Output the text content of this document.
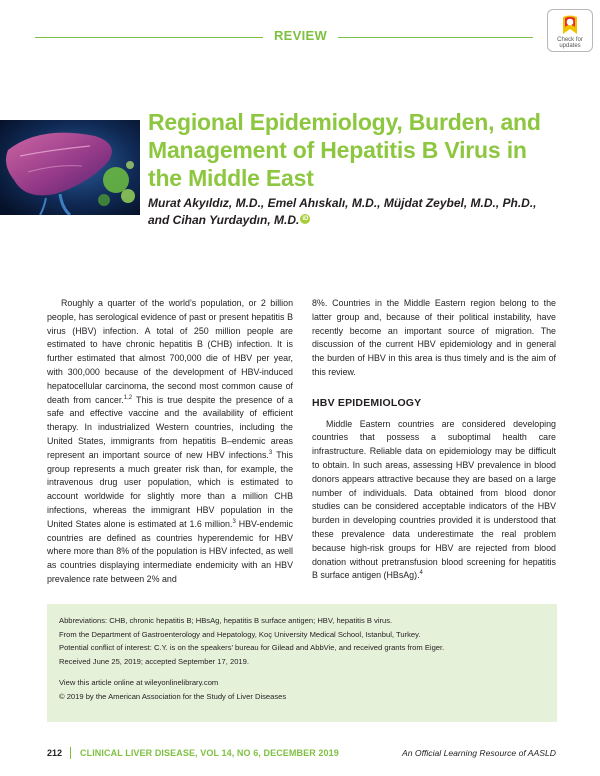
REVIEW	Check for
updates
Regional Epidemiology, Burden, and Management of Hepatitis B Virus in the Middle East
Murat Akyıldız, M.D., Emel Ahıskalı, M.D., Müjdat Zeybel, M.D., Ph.D., and Cihan Yurdaydın, M.D. iD

Roughly a quarter of the world’s population, or 2 billion people, has serological evidence of past or present hepatitis B virus (HBV) infection. A total of 250 million people are estimated to have chronic hepatitis B (CHB) infection. It is further estimated that almost 700,000 die of HBV per year, with 300,000 because of the development of HBV-induced hepatocellular carcinoma, the second most common cause of death from cancer.$^{1,2}$ This is true despite the presence of a safe and effective vaccine and the availability of efficient therapy. In industrialized Western countries, including the United States, immigrants from hepatitis B–endemic areas represent an important source of new HBV infections.$^3$ This group represents a much greater risk than, for example, the intravenous drug user population, which is estimated to account worldwide for slightly more than a million CHB infections, whereas the immigrant HBV population in the United States alone is estimated at 1.6 million.$^3$ HBV-endemic countries are defined as countries hyperendemic for HBV where more than 8% of the population is HBV infected, as well as countries displaying intermediate endemicity with an HBV prevalence rate between 2% and

8%. Countries in the Middle Eastern region belong to the latter group and, because of their political instability, have recently become an important source of migration. The discussion of the current HBV epidemiology and in general the burden of HBV in this area is thus timely and is the aim of this review.

HBV EPIDEMIOLOGY

Middle Eastern countries are considered developing countries that possess a suboptimal health care infrastructure. Reliable data on epidemiology may be difficult to obtain. In such areas, assessing HBV prevalence in blood donors appears attractive because they are based on a large number of individuals. Data obtained from blood donor studies can be considered acceptable indicators of the HBV burden in developing countries provided it is understood that these prevalence data underestimate the real problem because high-risk groups for HBV are rejected from blood donation without pretransfusion blood screening for hepatitis B surface antigen (HBsAg).$^4$

Abbreviations: CHB, chronic hepatitis B; HBsAg, hepatitis B surface antigen; HBV, hepatitis B virus.
From the Department of Gastroenterology and Hepatology, Koç University Medical School, Istanbul, Turkey.
Potential conflict of interest: C.Y. is on the speakers’ bureau for Gilead and AbbVie, and received grants from Eiger.
Received June 25, 2019; accepted September 17, 2019.
View this article online at wileyonlinelibrary.com
© 2019 by the American Association for the Study of Liver Diseases
212 CLINICAL LIVER DISEASE, VOL 14, NO 6, DECEMBER 2019	An Official Learning Resource of AASLD
